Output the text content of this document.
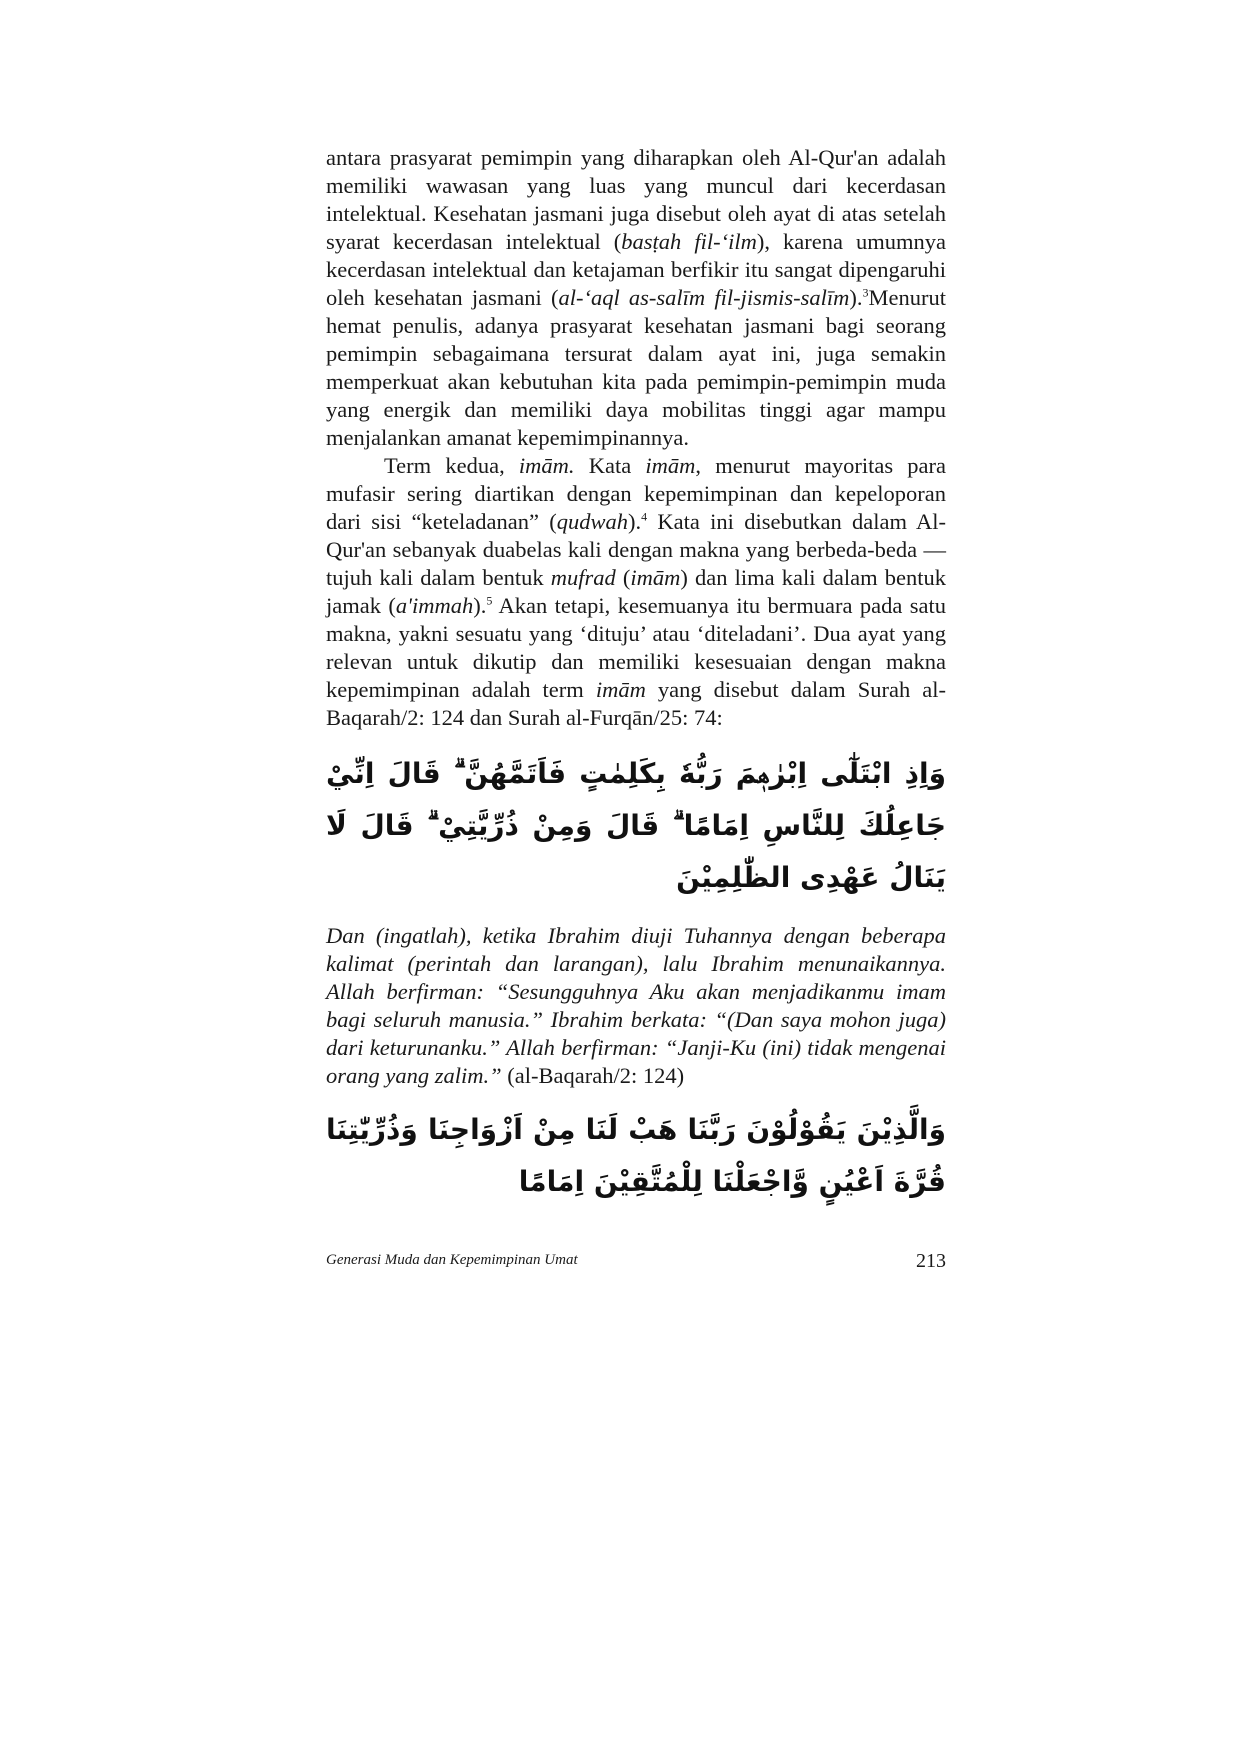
antara prasyarat pemimpin yang diharapkan oleh Al-Qur'an adalah memiliki wawasan yang luas yang muncul dari kecerdasan intelektual. Kesehatan jasmani juga disebut oleh ayat di atas setelah syarat kecerdasan intelektual (basṭah fil-‘ilm), karena umumnya kecerdasan intelektual dan ketajaman berfikir itu sangat dipengaruhi oleh kesehatan jasmani (al-‘aql as-salīm fil-jismis-salīm).$^3$Menurut hemat penulis, adanya prasyarat kesehatan jasmani bagi seorang pemimpin sebagaimana tersurat dalam ayat ini, juga semakin memperkuat akan kebutuhan kita pada pemimpin-pemimpin muda yang energik dan memiliki daya mobilitas tinggi agar mampu menjalankan amanat kepemimpinannya.

Term kedua, imām. Kata imām, menurut mayoritas para mufasir sering diartikan dengan kepemimpinan dan kepeloporan dari sisi “keteladanan” (qudwah).$^4$ Kata ini disebutkan dalam Al-Qur'an sebanyak duabelas kali dengan makna yang berbeda-beda —tujuh kali dalam bentuk mufrad (imām) dan lima kali dalam bentuk jamak (a'immah).$^5$ Akan tetapi, kesemuanya itu bermuara pada satu makna, yakni sesuatu yang ‘dituju’ atau ‘diteladani’. Dua ayat yang relevan untuk dikutip dan memiliki kesesuaian dengan makna kepemimpinan adalah term imām yang disebut dalam Surah al-Baqarah/2: 124 dan Surah al-Furqān/25: 74:

وَاِذِ ابْتَلٰٓى اِبْرٰهٖمَ رَبُّهٗ بِكَلِمٰتٍ فَاَتَمَّهُنَّ ۗ قَالَ اِنِّيْ جَاعِلُكَ لِلنَّاسِ اِمَامًا ۗ قَالَ وَمِنْ ذُرِّيَّتِيْ ۗ قَالَ لَا يَنَالُ عَهْدِى الظّٰلِمِيْنَ

Dan (ingatlah), ketika Ibrahim diuji Tuhannya dengan beberapa kalimat (perintah dan larangan), lalu Ibrahim menunaikannya. Allah berfirman: “Sesungguhnya Aku akan menjadikanmu imam bagi seluruh manusia.” Ibrahim berkata: “(Dan saya mohon juga) dari keturunanku.” Allah berfirman: “Janji-Ku (ini) tidak mengenai orang yang zalim.” (al-Baqarah/2: 124)

وَالَّذِيْنَ يَقُوْلُوْنَ رَبَّنَا هَبْ لَنَا مِنْ اَزْوَاجِنَا وَذُرِّيّٰتِنَا قُرَّةَ اَعْيُنٍ وَّاجْعَلْنَا لِلْمُتَّقِيْنَ اِمَامًا
Generasi Muda dan Kepemimpinan Umat	213
